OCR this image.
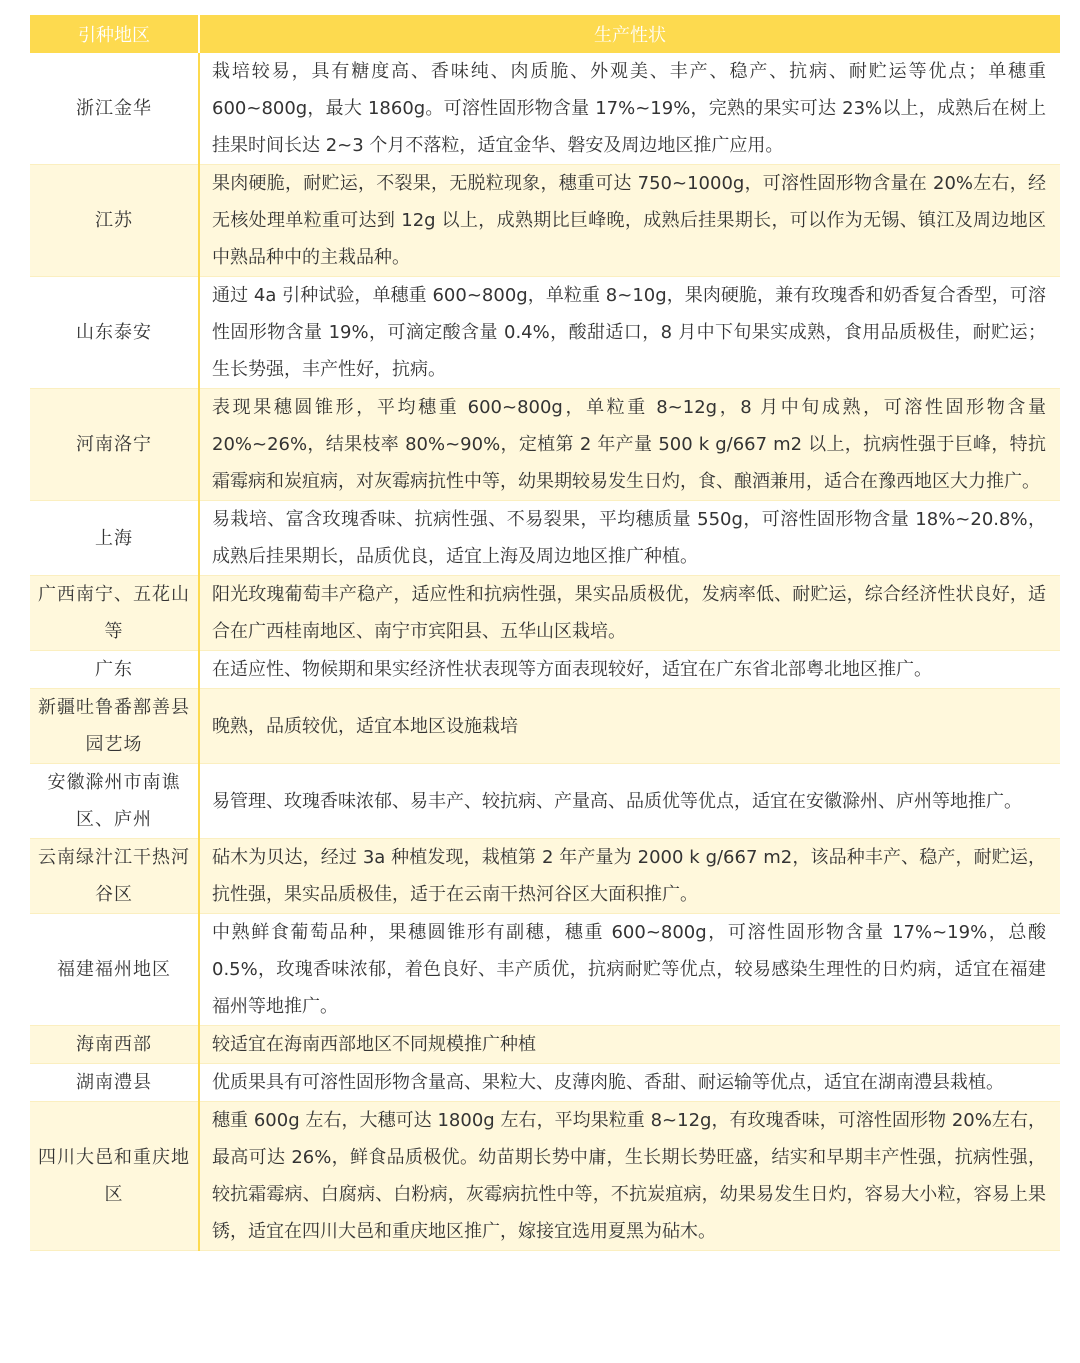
引种地区	生产性状
浙江金华	栽培较易，具有糖度高、香味纯、肉质脆、外观美、丰产、稳产、抗病、耐贮运等优点；单穗重 600~800g，最大 1860g。可溶性固形物含量 17%~19%，完熟的果实可达 23%以上，成熟后在树上挂果时间长达 2~3 个月不落粒，适宜金华、磐安及周边地区推广应用。
江苏	果肉硬脆，耐贮运，不裂果，无脱粒现象，穗重可达 750~1000g，可溶性固形物含量在 20%左右，经无核处理单粒重可达到 12g 以上，成熟期比巨峰晚，成熟后挂果期长，可以作为无锡、镇江及周边地区中熟品种中的主栽品种。
山东泰安	通过 4a 引种试验，单穗重 600~800g，单粒重 8~10g，果肉硬脆，兼有玫瑰香和奶香复合香型，可溶性固形物含量 19%，可滴定酸含量 0.4%，酸甜适口，8 月中下旬果实成熟，食用品质极佳，耐贮运；生长势强，丰产性好，抗病。
河南洛宁	表现果穗圆锥形，平均穗重 600~800g，单粒重 8~12g，8 月中旬成熟，可溶性固形物含量 20%~26%，结果枝率 80%~90%，定植第 2 年产量 500 k g/667 m2 以上，抗病性强于巨峰，特抗霜霉病和炭疽病，对灰霉病抗性中等，幼果期较易发生日灼，食、酿酒兼用，适合在豫西地区大力推广。
上海	易栽培、富含玫瑰香味、抗病性强、不易裂果，平均穗质量 550g，可溶性固形物含量 18%~20.8%，成熟后挂果期长，品质优良，适宜上海及周边地区推广种植。
广西南宁、五花山等	阳光玫瑰葡萄丰产稳产，适应性和抗病性强，果实品质极优，发病率低、耐贮运，综合经济性状良好，适合在广西桂南地区、南宁市宾阳县、五华山区栽培。
广东	在适应性、物候期和果实经济性状表现等方面表现较好，适宜在广东省北部粤北地区推广。
新疆吐鲁番鄯善县园艺场	晚熟，品质较优，适宜本地区设施栽培
安徽滁州市南谯区、庐州	易管理、玫瑰香味浓郁、易丰产、较抗病、产量高、品质优等优点，适宜在安徽滁州、庐州等地推广。
云南绿汁江干热河谷区	砧木为贝达，经过 3a 种植发现，栽植第 2 年产量为 2000 k g/667 m2，该品种丰产、稳产，耐贮运，抗性强，果实品质极佳，适于在云南干热河谷区大面积推广。
福建福州地区	中熟鲜食葡萄品种，果穗圆锥形有副穗，穗重 600~800g，可溶性固形物含量 17%~19%，总酸 0.5%，玫瑰香味浓郁，着色良好、丰产质优，抗病耐贮等优点，较易感染生理性的日灼病，适宜在福建福州等地推广。
海南西部	较适宜在海南西部地区不同规模推广种植
湖南澧县	优质果具有可溶性固形物含量高、果粒大、皮薄肉脆、香甜、耐运输等优点，适宜在湖南澧县栽植。
四川大邑和重庆地区	穗重 600g 左右，大穗可达 1800g 左右，平均果粒重 8~12g，有玫瑰香味，可溶性固形物 20%左右，最高可达 26%，鲜食品质极优。幼苗期长势中庸，生长期长势旺盛，结实和早期丰产性强，抗病性强，较抗霜霉病、白腐病、白粉病，灰霉病抗性中等，不抗炭疽病，幼果易发生日灼，容易大小粒，容易上果锈，适宜在四川大邑和重庆地区推广，嫁接宜选用夏黑为砧木。
